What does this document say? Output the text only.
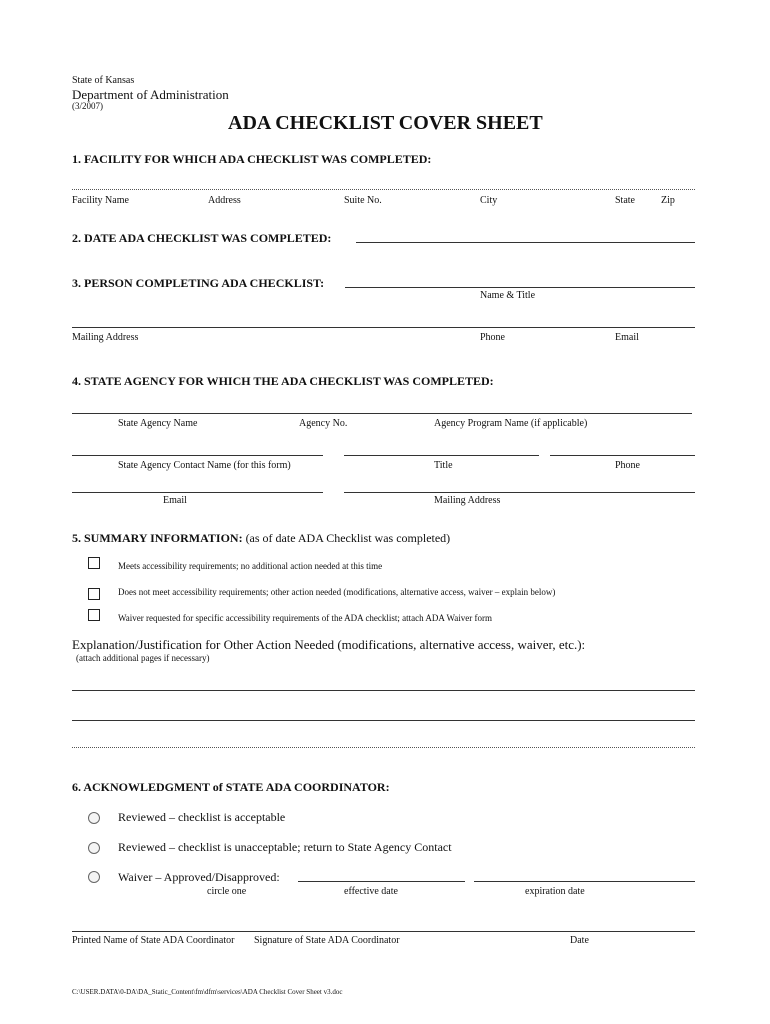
State of Kansas
Department of Administration
(3/2007)
ADA CHECKLIST COVER SHEET
1. FACILITY FOR WHICH ADA CHECKLIST WAS COMPLETED:
Facility Name	Address	Suite No.	City	State	Zip
2. DATE ADA CHECKLIST WAS COMPLETED:
3. PERSON COMPLETING ADA CHECKLIST:
Name & Title
Mailing Address	Phone	Email
4. STATE AGENCY FOR WHICH THE ADA CHECKLIST WAS COMPLETED:
State Agency Name	Agency No.	Agency Program Name (if applicable)
State Agency Contact Name (for this form)	Title	Phone
Email	Mailing Address
5. SUMMARY INFORMATION: (as of date ADA Checklist was completed)
Meets accessibility requirements; no additional action needed at this time
Does not meet accessibility requirements; other action needed (modifications, alternative access, waiver – explain below)
Waiver requested for specific accessibility requirements of the ADA checklist; attach ADA Waiver form
Explanation/Justification for Other Action Needed (modifications, alternative access, waiver, etc.):
(attach additional pages if necessary)
6. ACKNOWLEDGMENT of STATE ADA COORDINATOR:
Reviewed – checklist is acceptable
Reviewed – checklist is unacceptable; return to State Agency Contact
Waiver – Approved/Disapproved:
circle one	effective date	expiration date
Printed Name of State ADA Coordinator Signature of State ADA Coordinator	Date
C:\USER.DATA\0-DA\DA_Static_Content\fm\dfm\services\ADA Checklist Cover Sheet v3.doc
